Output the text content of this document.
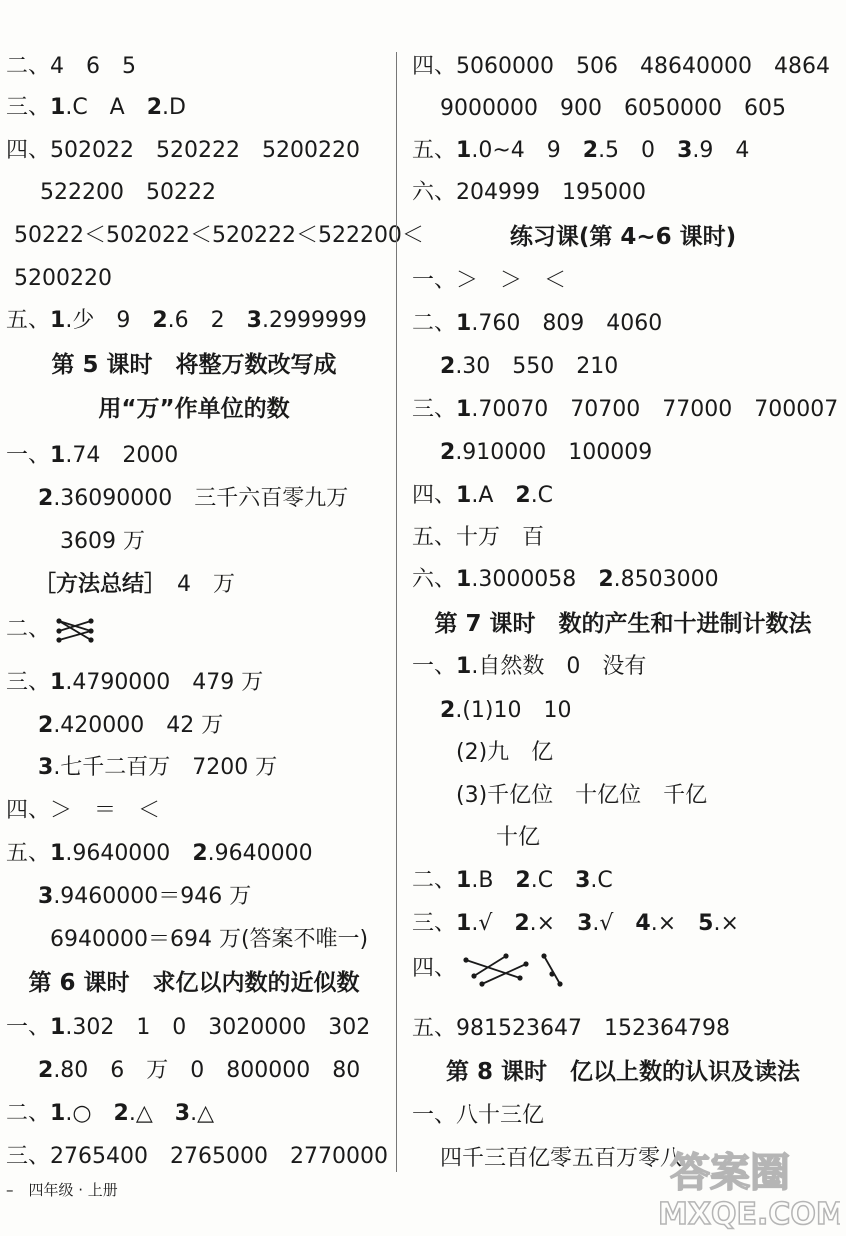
二、4　6　5
三、1.C　A　2.D
四、502022　520222　5200220
522200　50222
50222＜502022＜520222＜522200＜
5200220
五、1.少　9　2.6　2　3.2999999
第 5 课时　将整万数改写成
用“万”作单位的数
一、1.74　2000
2.36090000　三千六百零九万
3609 万
［方法总结］　4　万
二、
三、1.4790000　479 万
2.420000　42 万
3.七千二百万　7200 万
四、＞　＝　＜
五、1.9640000　2.9640000
3.9460000＝946 万
6940000＝694 万(答案不唯一)
第 6 课时　求亿以内数的近似数
一、1.302　1　0　3020000　302
2.80　6　万　0　800000　80
二、1.○　2.△　3.△
三、2765400　2765000　2770000
四、5060000　506　48640000　4864
9000000　900　6050000　605
五、1.0~4　9　2.5　0　3.9　4
六、204999　195000
练习课(第 4~6 课时)
一、＞　＞　＜
二、1.760　809　4060
2.30　550　210
三、1.70070　70700　77000　700007
2.910000　100009
四、1.A　2.C
五、十万　百
六、1.3000058　2.8503000
第 7 课时　数的产生和十进制计数法
一、1.自然数　0　没有
2.(1)10　10
(2)九　亿
(3)千亿位　十亿位　千亿
十亿
二、1.B　2.C　3.C
三、1.√　2.×　3.√　4.×　5.×
四、
五、981523647　152364798
第 8 课时　亿以上数的认识及读法
一、八十三亿
四千三百亿零五百万零八
–　四年级 · 上册	答案圈
MXQE.COM
